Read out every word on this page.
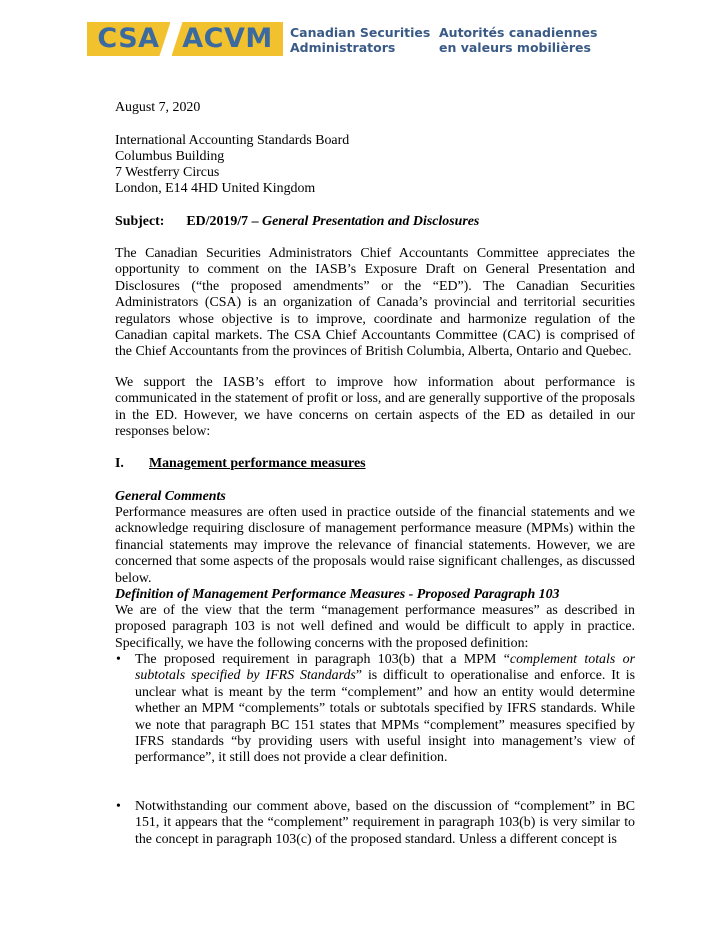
CSA ACVM	Canadian Securities
Administrators
Autorités canadiennes
en valeurs mobilières
August 7, 2020
International Accounting Standards Board
Columbus Building
7 Westferry Circus
London, E14 4HD United Kingdom
Subject: ED/2019/7 – General Presentation and Disclosures
The Canadian Securities Administrators Chief Accountants Committee appreciates the opportunity to comment on the IASB’s Exposure Draft on General Presentation and Disclosures (“the proposed amendments” or the “ED”). The Canadian Securities Administrators (CSA) is an organization of Canada’s provincial and territorial securities regulators whose objective is to improve, coordinate and harmonize regulation of the Canadian capital markets. The CSA Chief Accountants Committee (CAC) is comprised of the Chief Accountants from the provinces of British Columbia, Alberta, Ontario and Quebec.
We support the IASB’s effort to improve how information about performance is communicated in the statement of profit or loss, and are generally supportive of the proposals in the ED. However, we have concerns on certain aspects of the ED as detailed in our responses below:
I. Management performance measures
General Comments
Performance measures are often used in practice outside of the financial statements and we acknowledge requiring disclosure of management performance measure (MPMs) within the financial statements may improve the relevance of financial statements. However, we are concerned that some aspects of the proposals would raise significant challenges, as discussed below.
Definition of Management Performance Measures - Proposed Paragraph 103
We are of the view that the term “management performance measures” as described in proposed paragraph 103 is not well defined and would be difficult to apply in practice. Specifically, we have the following concerns with the proposed definition:
• The proposed requirement in paragraph 103(b) that a MPM “complement totals or subtotals specified by IFRS Standards” is difficult to operationalise and enforce. It is unclear what is meant by the term “complement” and how an entity would determine whether an MPM “complements” totals or subtotals specified by IFRS standards. While we note that paragraph BC 151 states that MPMs “complement” measures specified by IFRS standards “by providing users with useful insight into management’s view of performance”, it still does not provide a clear definition.
• Notwithstanding our comment above, based on the discussion of “complement” in BC 151, it appears that the “complement” requirement in paragraph 103(b) is very similar to the concept in paragraph 103(c) of the proposed standard. Unless a different concept is
